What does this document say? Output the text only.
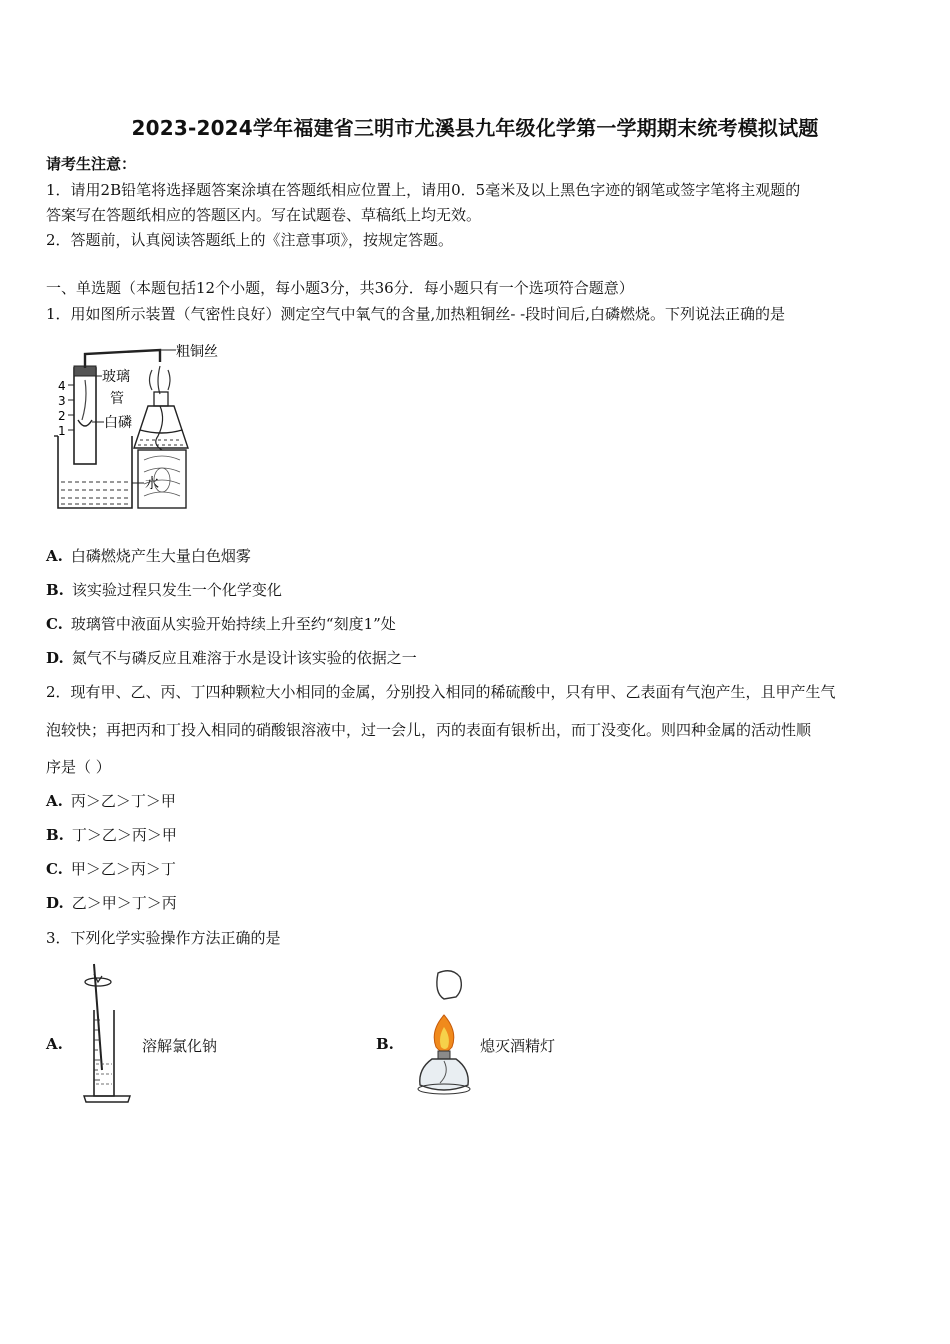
2023-2024学年福建省三明市尤溪县九年级化学第一学期期末统考模拟试题
请考生注意：
1．请用2B铅笔将选择题答案涂填在答题纸相应位置上，请用0．5毫米及以上黑色字迹的钢笔或签字笔将主观题的
答案写在答题纸相应的答题区内。写在试题卷、草稿纸上均无效。
2．答题前，认真阅读答题纸上的《注意事项》，按规定答题。
一、单选题（本题包括12个小题，每小题3分，共36分．每小题只有一个选项符合题意）
1．用如图所示装置（气密性良好）测定空气中氧气的含量,加热粗铜丝- -段时间后,白磷燃烧。下列说法正确的是
水
4
3
2
1	白磷
玻璃
管
粗铜丝
A. 白磷燃烧产生大量白色烟雾
B. 该实验过程只发生一个化学变化
C. 玻璃管中液面从实验开始持续上升至约“刻度1”处
D. 氮气不与磷反应且难溶于水是设计该实验的依据之一
2．现有甲、乙、丙、丁四种颗粒大小相同的金属，分别投入相同的稀硫酸中，只有甲、乙表面有气泡产生，且甲产生气
泡较快；再把丙和丁投入相同的硝酸银溶液中，过一会儿，丙的表面有银析出，而丁没变化。则四种金属的活动性顺
序是（ ）
A. 丙＞乙＞丁＞甲
B. 丁＞乙＞丙＞甲
C. 甲＞乙＞丙＞丁
D. 乙＞甲＞丁＞丙
3．下列化学实验操作方法正确的是
A.	溶解氯化钠	B.	熄灭酒精灯
